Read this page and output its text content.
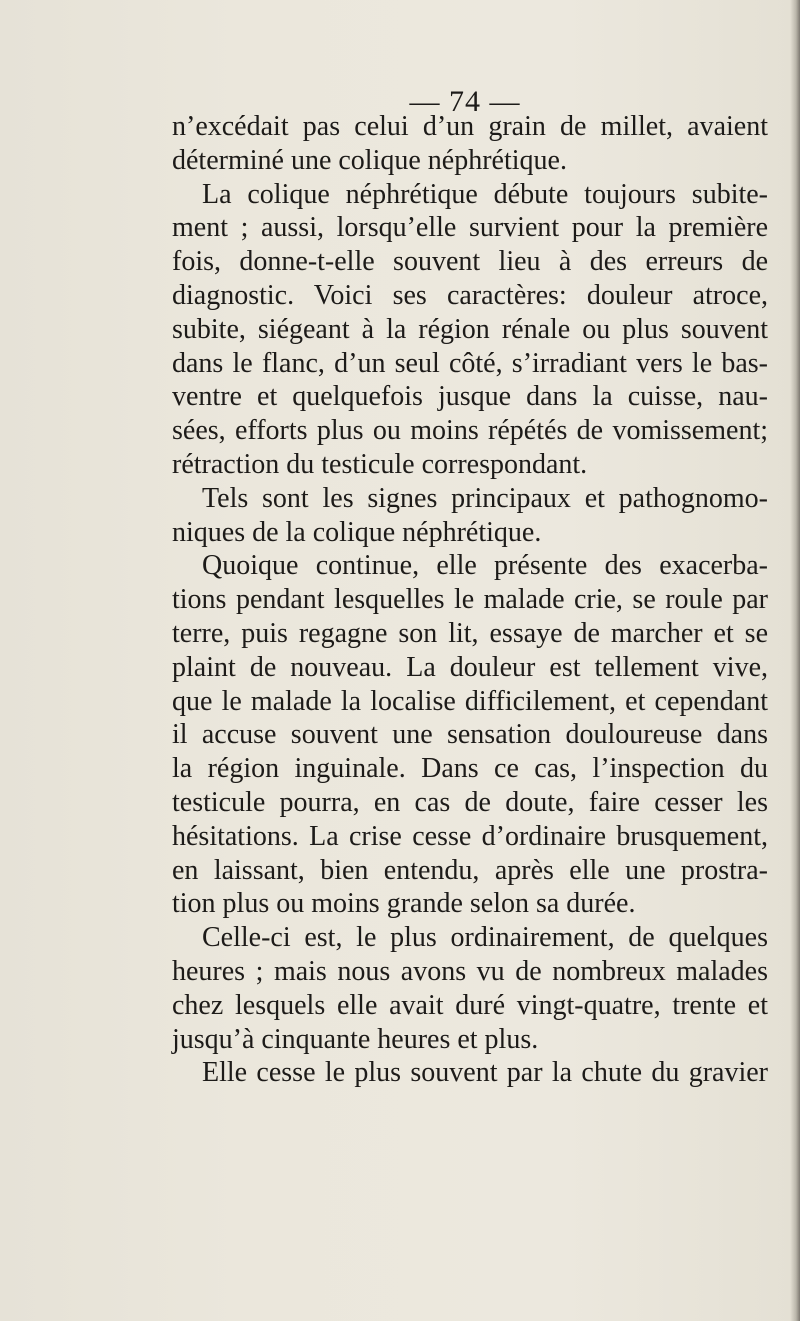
— 74 —
n’excédait pas celui d’un grain de millet, avaient
déterminé une colique néphrétique.
La colique néphrétique débute toujours subite-
ment ; aussi, lorsqu’elle survient pour la première
fois, donne-t-elle souvent lieu à des erreurs de
diagnostic. Voici ses caractères: douleur atroce,
subite, siégeant à la région rénale ou plus souvent
dans le flanc, d’un seul côté, s’irradiant vers le bas-
ventre et quelquefois jusque dans la cuisse, nau-
sées, efforts plus ou moins répétés de vomissement;
rétraction du testicule correspondant.
Tels sont les signes principaux et pathognomo-
niques de la colique néphrétique.
Quoique continue, elle présente des exacerba-
tions pendant lesquelles le malade crie, se roule par
terre, puis regagne son lit, essaye de marcher et se
plaint de nouveau. La douleur est tellement vive,
que le malade la localise difficilement, et cependant
il accuse souvent une sensation douloureuse dans
la région inguinale. Dans ce cas, l’inspection du
testicule pourra, en cas de doute, faire cesser les
hésitations. La crise cesse d’ordinaire brusquement,
en laissant, bien entendu, après elle une prostra-
tion plus ou moins grande selon sa durée.
Celle-ci est, le plus ordinairement, de quelques
heures ; mais nous avons vu de nombreux malades
chez lesquels elle avait duré vingt-quatre, trente et
jusqu’à cinquante heures et plus.
Elle cesse le plus souvent par la chute du gravier
